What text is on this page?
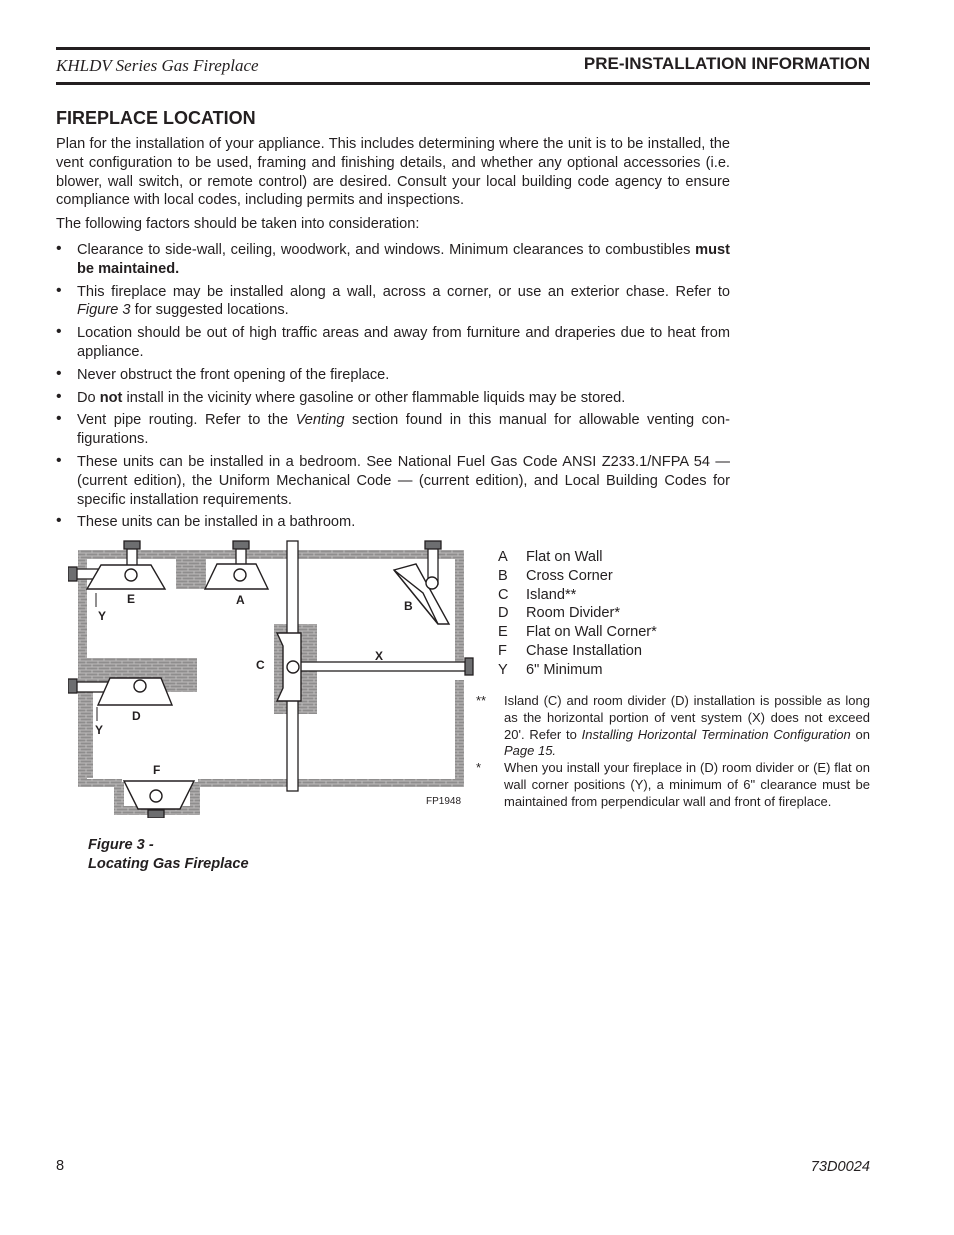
KHLDV Series Gas Fireplace	PRE-INSTALLATION INFORMATION
FIREPLACE LOCATION
Plan for the installation of your appliance. This includes determining where the unit is to be installed, the vent configuration to be used, framing and finishing details, and whether any optional accessories (i.e. blower, wall switch, or remote control) are desired. Consult your local building code agency to ensure compliance with local codes, including permits and inspections.
The following factors should be taken into consideration:
• Clearance to side-wall, ceiling, woodwork, and windows. Minimum clearances to combustibles must be maintained.
• This fireplace may be installed along a wall, across a corner, or use an exterior chase. Refer to Figure 3 for suggested locations.
• Location should be out of high traffic areas and away from furniture and draperies due to heat from appliance.
• Never obstruct the front opening of the fireplace.
• Do not install in the vicinity where gasoline or other flammable liquids may be stored.
• Vent pipe routing. Refer to the Venting section found in this manual for allowable venting con-figurations.
• These units can be installed in a bedroom. See National Fuel Gas Code ANSI Z233.1/NFPA 54 — (current edition), the Uniform Mechanical Code — (current edition), and Local Building Codes for specific installation requirements.
• These units can be installed in a bathroom.
E	A	B
C
X
D
F
Y
Y
FP1948
A	Flat on Wall
B	Cross Corner
C	Island**
D	Room Divider*
E	Flat on Wall Corner*
F	Chase Installation
Y	6" Minimum
**	Island (C) and room divider (D) installation is possible as long as the horizontal portion of vent system (X) does not exceed 20'. Refer to Installing Horizontal Termination Configuration on Page 15.
*	When you install your fireplace in (D) room divider or (E) flat on wall corner positions (Y), a minimum of 6" clearance must be maintained from perpendicular wall and front of fireplace.
Figure 3 -
Locating Gas Fireplace
8	73D0024
